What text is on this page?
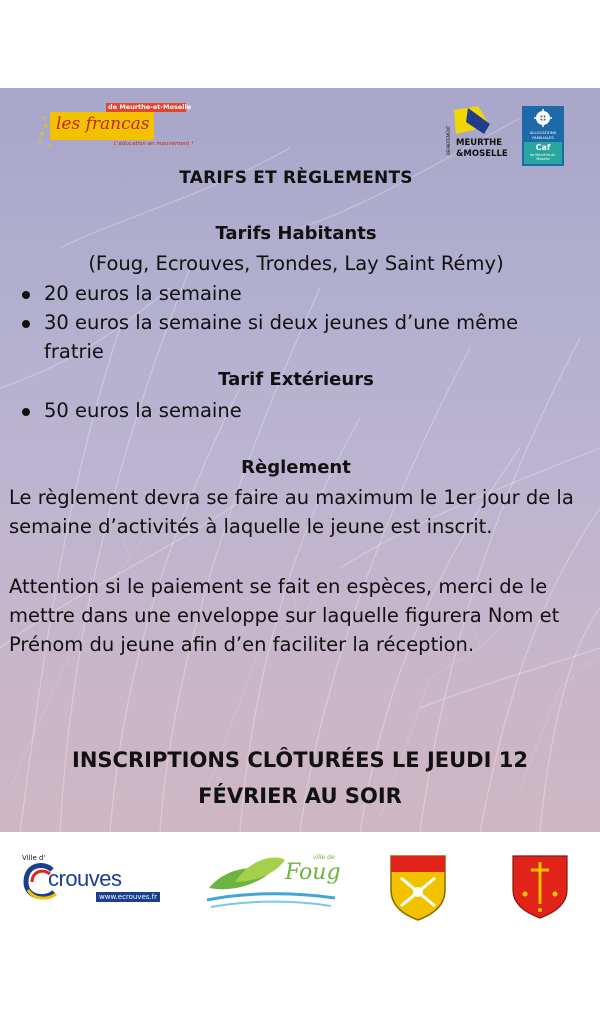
de Meurthe-et-Moselle
les francas
L'éducation en mouvement !	MEURTHE
&MOSELLE
DEPARTEMENT	ALLOCATIONS
FAMILIALES
Caf
de Meurthe-et-Moselle
TARIFS ET RÈGLEMENTS
Tarifs Habitants
(Foug, Ecrouves, Trondes, Lay Saint Rémy)
20 euros la semaine
30 euros la semaine si deux jeunes d’une même fratrie
Tarif Extérieurs
50 euros la semaine
Règlement
Le règlement devra se faire au maximum le 1er jour de la semaine d’activités à laquelle le jeune est inscrit.
Attention si le paiement se fait en espèces, merci de le mettre dans une enveloppe sur laquelle figurera Nom et Prénom du jeune afin d’en faciliter la réception.
INSCRIPTIONS CLÔTURÉES LE JEUDI 12
FÉVRIER AU SOIR
Ville d'
crouves
www.ecrouves.fr
ville de
Foug
